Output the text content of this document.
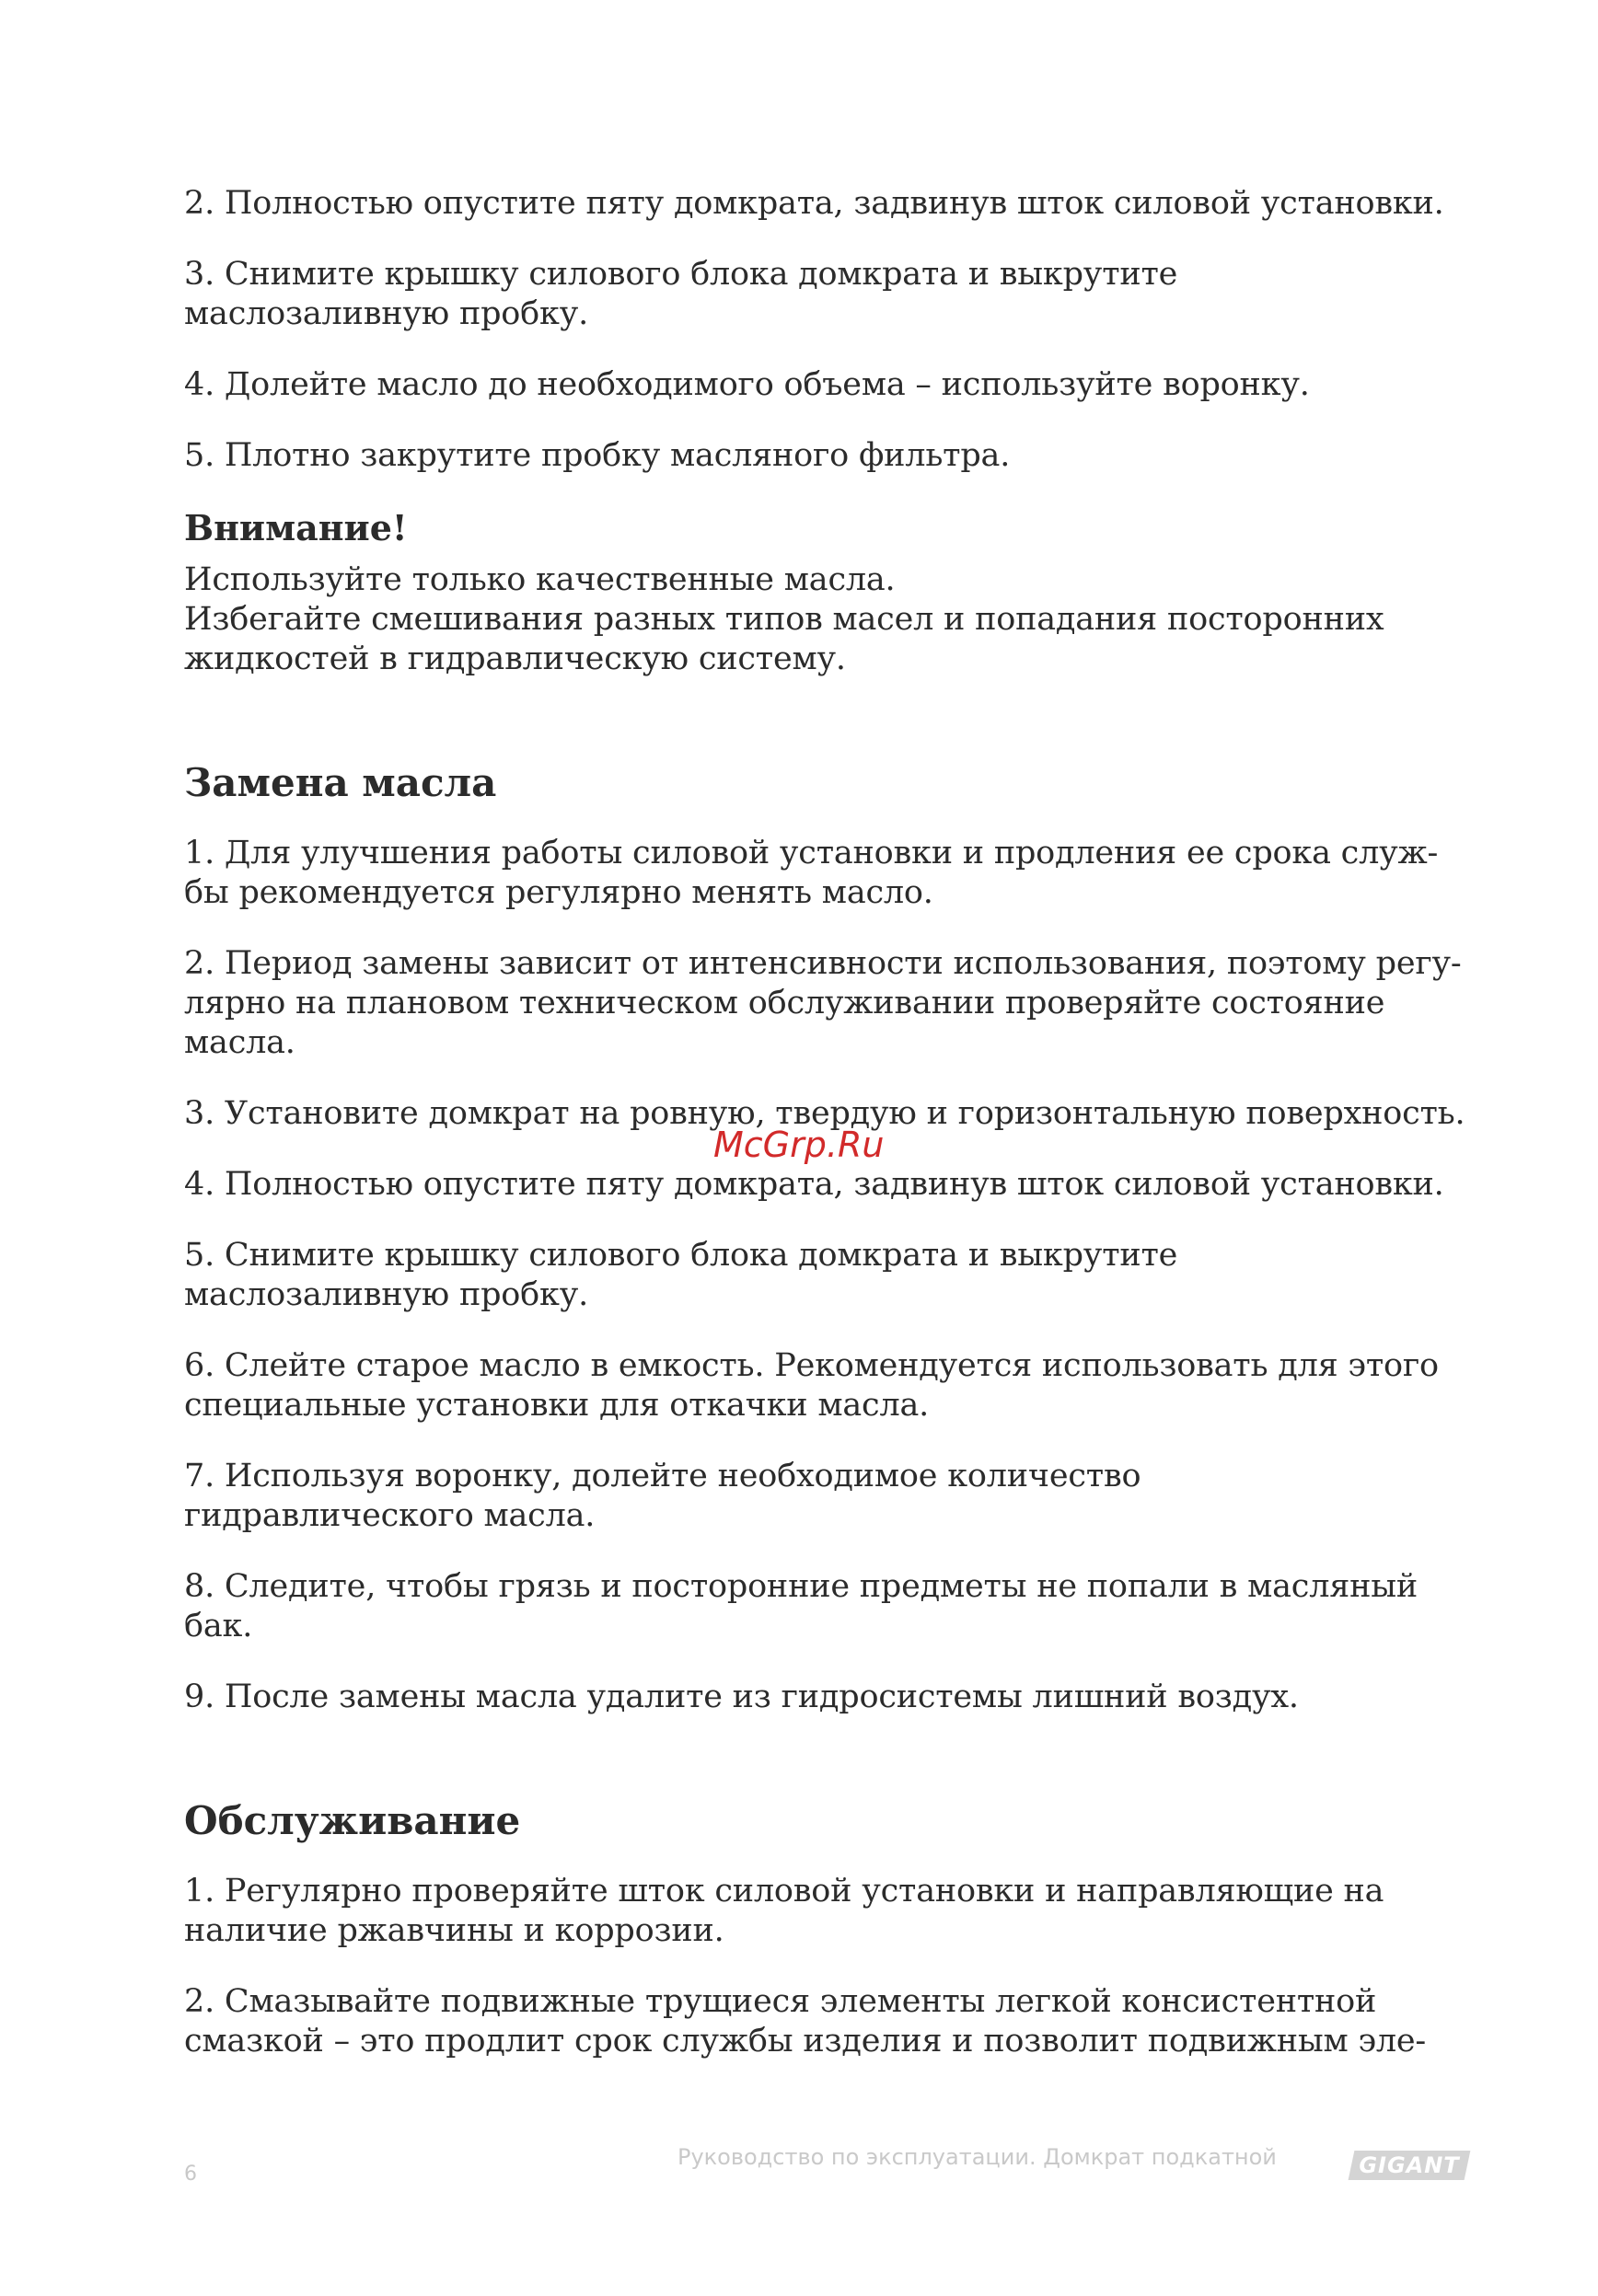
2. Полностью опустите пяту домкрата, задвинув шток силовой установки.

3. Снимите крышку силового блока домкрата и выкрутите
маслозаливную пробку.

4. Долейте масло до необходимого объема – используйте воронку.

5. Плотно закрутите пробку масляного фильтра.

Внимание!

Используйте только качественные масла.
Избегайте смешивания разных типов масел и попадания посторонних
жидкостей в гидравлическую систему.

Замена масла

1. Для улучшения работы силовой установки и продления ее срока служ-
бы рекомендуется регулярно менять масло.

2. Период замены зависит от интенсивности использования, поэтому регу-
лярно на плановом техническом обслуживании проверяйте состояние масла.

3. Установите домкрат на ровную, твердую и горизонтальную поверхность.

4. Полностью опустите пяту домкрата, задвинув шток силовой установки.

5. Снимите крышку силового блока домкрата и выкрутите
маслозаливную пробку.

6. Слейте старое масло в емкость. Рекомендуется использовать для этого
специальные установки для откачки масла.

7. Используя воронку, долейте необходимое количество
гидравлического масла.

8. Следите, чтобы грязь и посторонние предметы не попали в масляный бак.

9. После замены масла удалите из гидросистемы лишний воздух.

Обслуживание

1. Регулярно проверяйте шток силовой установки и направляющие на
наличие ржавчины и коррозии.

2. Смазывайте подвижные трущиеся элементы легкой консистентной
смазкой – это продлит срок службы изделия и позволит подвижным эле-

McGrp.Ru
6
Руководство по эксплуатации. Домкрат подкатной	GIGANT
